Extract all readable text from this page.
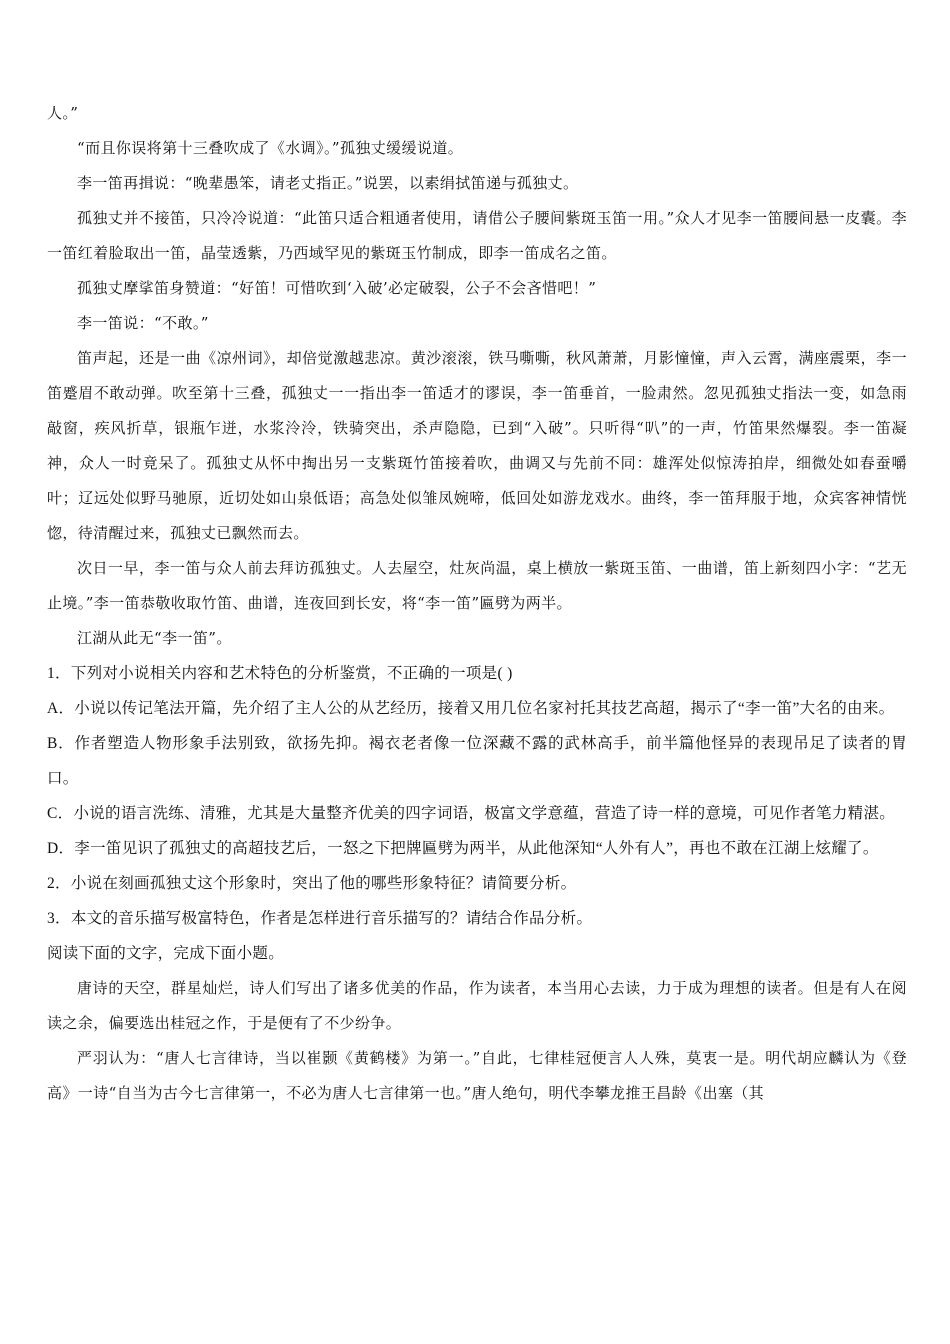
人。”

“而且你误将第十三叠吹成了《水调》。”孤独丈缓缓说道。

李一笛再揖说：“晚辈愚笨，请老丈指正。”说罢，以素绢拭笛递与孤独丈。

孤独丈并不接笛，只冷冷说道：“此笛只适合粗通者使用，请借公子腰间紫斑玉笛一用。”众人才见李一笛腰间悬一皮囊。李一笛红着脸取出一笛，晶莹透紫，乃西域罕见的紫斑玉竹制成，即李一笛成名之笛。

孤独丈摩挲笛身赞道：“好笛！可惜吹到‘入破’必定破裂，公子不会吝惜吧！”

李一笛说：“不敢。”

笛声起，还是一曲《凉州词》，却倍觉激越悲凉。黄沙滚滚，铁马嘶嘶，秋风萧萧，月影憧憧，声入云霄，满座震栗，李一笛蹙眉不敢动弹。吹至第十三叠，孤独丈一一指出李一笛适才的谬误，李一笛垂首，一脸肃然。忽见孤独丈指法一变，如急雨敲窗，疾风折草，银瓶乍迸，水浆泠泠，铁骑突出，杀声隐隐，已到“入破”。只听得“叭”的一声，竹笛果然爆裂。李一笛凝神，众人一时竟呆了。孤独丈从怀中掏出另一支紫斑竹笛接着吹，曲调又与先前不同：雄浑处似惊涛拍岸，细微处如春蚕嚼叶；辽远处似野马驰原，近切处如山泉低语；高急处似雏凤婉啼，低回处如游龙戏水。曲终，李一笛拜服于地，众宾客神情恍惚，待清醒过来，孤独丈已飘然而去。

次日一早，李一笛与众人前去拜访孤独丈。人去屋空，灶灰尚温，桌上横放一紫斑玉笛、一曲谱，笛上新刻四小字：“艺无止境。”李一笛恭敬收取竹笛、曲谱，连夜回到长安，将“李一笛”匾劈为两半。

江湖从此无“李一笛”。

1．下列对小说相关内容和艺术特色的分析鉴赏，不正确的一项是( )

A．小说以传记笔法开篇，先介绍了主人公的从艺经历，接着又用几位名家衬托其技艺高超，揭示了“李一笛”大名的由来。

B．作者塑造人物形象手法别致，欲扬先抑。褐衣老者像一位深藏不露的武林高手，前半篇他怪异的表现吊足了读者的胃口。

C．小说的语言洗练、清雅，尤其是大量整齐优美的四字词语，极富文学意蕴，营造了诗一样的意境，可见作者笔力精湛。

D．李一笛见识了孤独丈的高超技艺后，一怒之下把牌匾劈为两半，从此他深知“人外有人”，再也不敢在江湖上炫耀了。

2．小说在刻画孤独丈这个形象时，突出了他的哪些形象特征？请简要分析。

3．本文的音乐描写极富特色，作者是怎样进行音乐描写的？请结合作品分析。

阅读下面的文字，完成下面小题。

唐诗的天空，群星灿烂，诗人们写出了诸多优美的作品，作为读者，本当用心去读，力于成为理想的读者。但是有人在阅读之余，偏要选出桂冠之作，于是便有了不少纷争。

严羽认为：“唐人七言律诗，当以崔颢《黄鹤楼》为第一。”自此，七律桂冠便言人人殊，莫衷一是。明代胡应麟认为《登高》一诗“自当为古今七言律第一，不必为唐人七言律第一也。”唐人绝句，明代李攀龙推王昌龄《出塞（其
